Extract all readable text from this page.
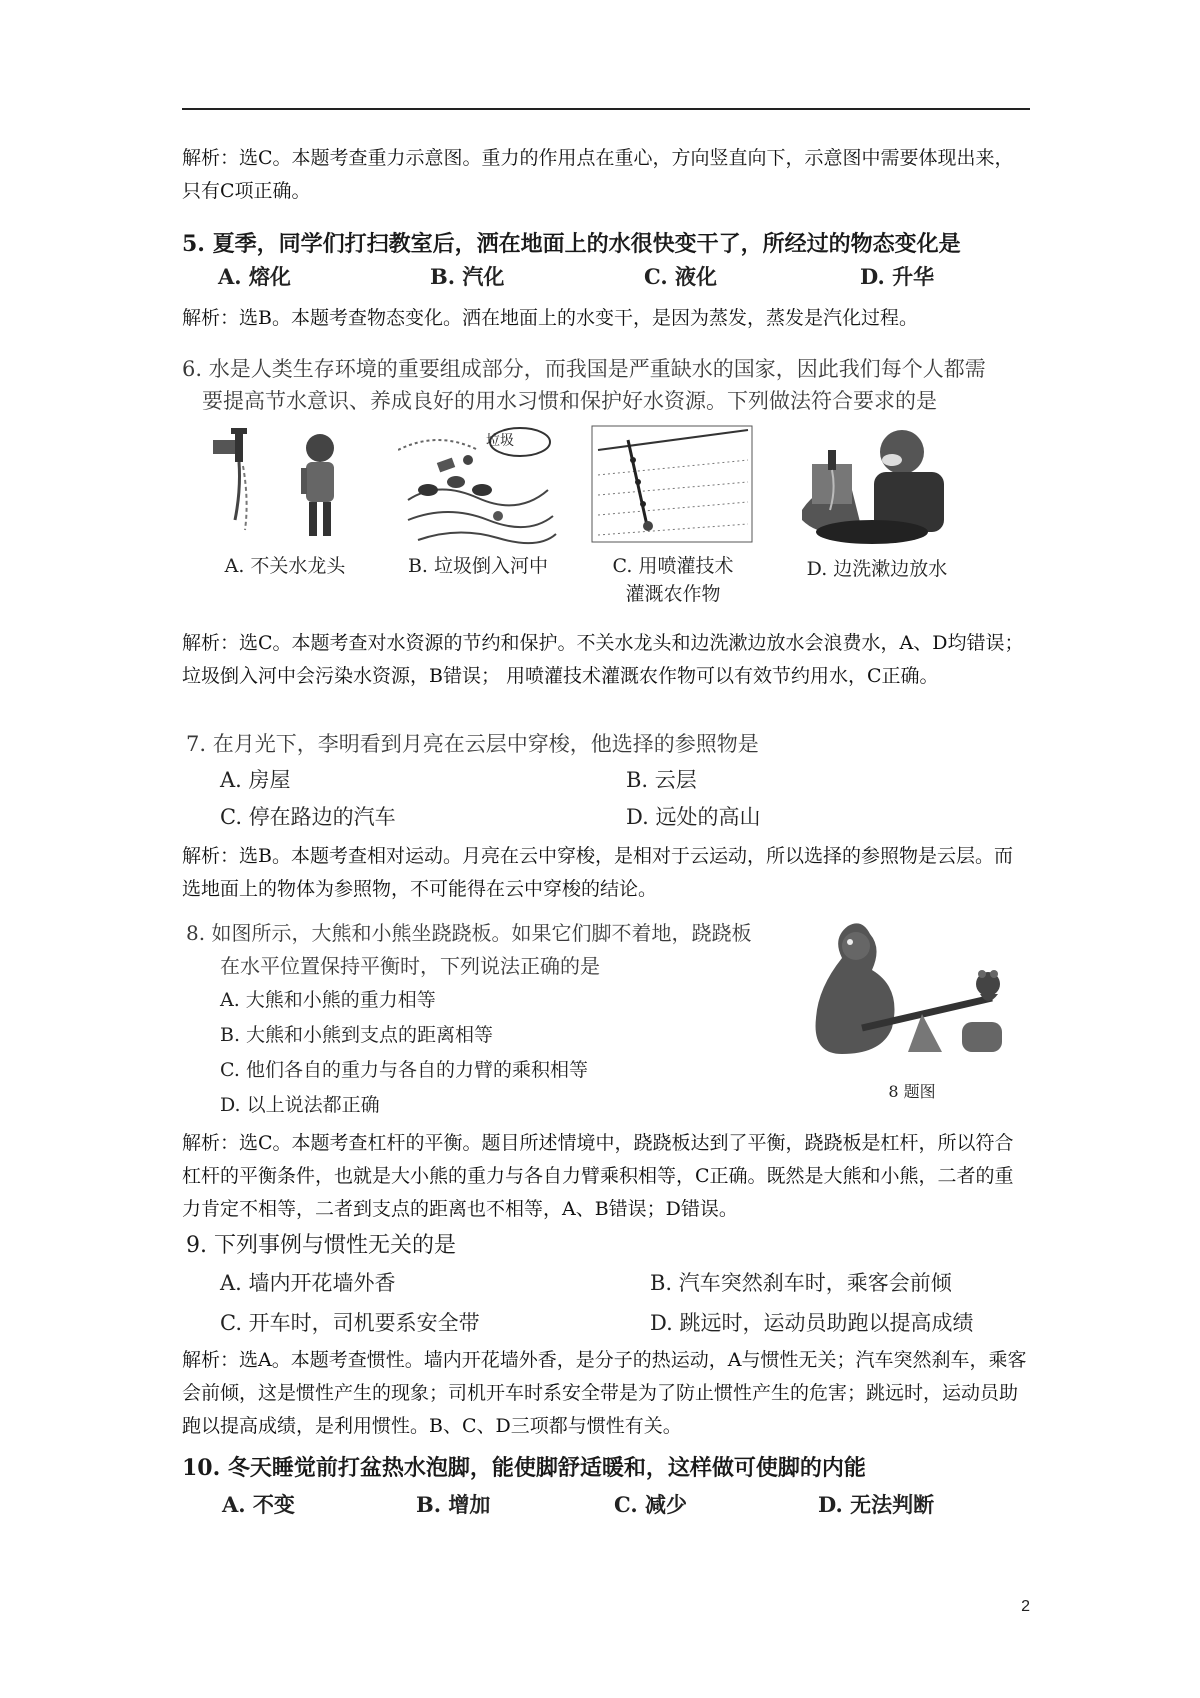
解析：选C。本题考查重力示意图。重力的作用点在重心，方向竖直向下，示意图中需要体现出来，只有C项正确。
5. 夏季，同学们打扫教室后，洒在地面上的水很快变干了，所经过的物态变化是
A. 熔化	B. 汽化	C. 液化	D. 升华
解析：选B。本题考查物态变化。洒在地面上的水变干，是因为蒸发，蒸发是汽化过程。
6. 水是人类生存环境的重要组成部分，而我国是严重缺水的国家，因此我们每个人都需
要提高节水意识、养成良好的用水习惯和保护好水资源。下列做法符合要求的是
垃圾
A. 不关水龙头	B. 垃圾倒入河中	C. 用喷灌技术
灌溉农作物
D. 边洗漱边放水
解析：选C。本题考查对水资源的节约和保护。不关水龙头和边洗漱边放水会浪费水，A、D均错误；垃圾倒入河中会污染水资源，B错误； 用喷灌技术灌溉农作物可以有效节约用水，C正确。
7. 在月光下，李明看到月亮在云层中穿梭，他选择的参照物是
A. 房屋	B. 云层
C. 停在路边的汽车	D. 远处的高山
解析：选B。本题考查相对运动。月亮在云中穿梭，是相对于云运动，所以选择的参照物是云层。而选地面上的物体为参照物，不可能得在云中穿梭的结论。
8. 如图所示，大熊和小熊坐跷跷板。如果它们脚不着地，跷跷板
在水平位置保持平衡时，下列说法正确的是
A. 大熊和小熊的重力相等
B. 大熊和小熊到支点的距离相等
C. 他们各自的重力与各自的力臂的乘积相等
D. 以上说法都正确
8 题图
解析：选C。本题考查杠杆的平衡。题目所述情境中，跷跷板达到了平衡，跷跷板是杠杆，所以符合杠杆的平衡条件，也就是大小熊的重力与各自力臂乘积相等，C正确。既然是大熊和小熊，二者的重力肯定不相等，二者到支点的距离也不相等，A、B错误；D错误。
9. 下列事例与惯性无关的是
A. 墙内开花墙外香	B. 汽车突然刹车时，乘客会前倾
C. 开车时，司机要系安全带	D. 跳远时，运动员助跑以提高成绩
解析：选A。本题考查惯性。墙内开花墙外香，是分子的热运动，A与惯性无关；汽车突然刹车，乘客会前倾，这是惯性产生的现象；司机开车时系安全带是为了防止惯性产生的危害；跳远时，运动员助跑以提高成绩，是利用惯性。B、C、D三项都与惯性有关。
10. 冬天睡觉前打盆热水泡脚，能使脚舒适暖和，这样做可使脚的内能
A. 不变	B. 增加	C. 减少	D. 无法判断
2
